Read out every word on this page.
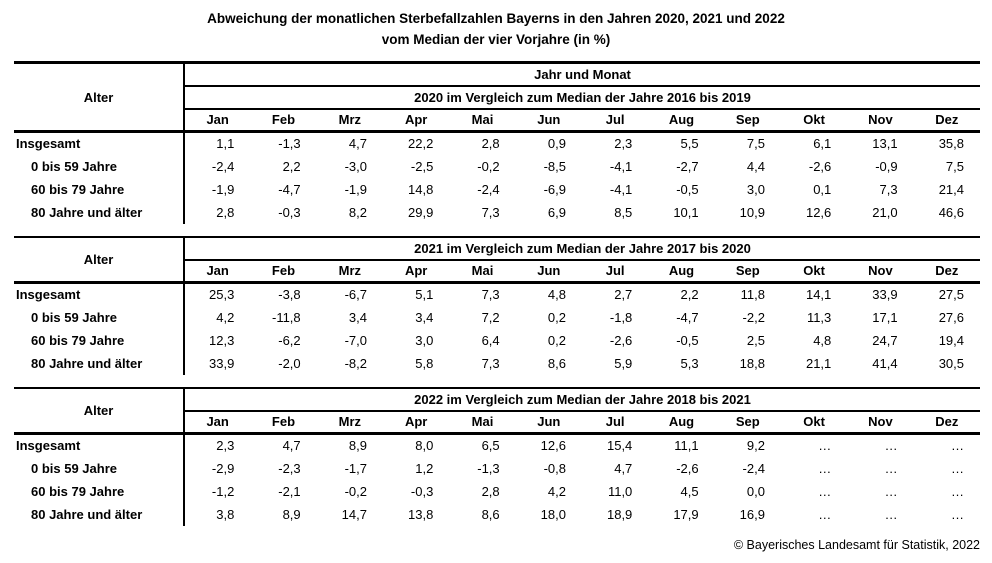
Abweichung der monatlichen Sterbefallzahlen Bayerns in den Jahren 2020, 2021 und 2022
vom Median der vier Vorjahre (in %)
Alter	Jahr und Monat											
	2020 im Vergleich zum Median der Jahre 2016 bis 2019											
	Jan	Feb	Mrz	Apr	Mai	Jun	Jul	Aug	Sep	Okt	Nov	Dez
Insgesamt	1,1	-1,3	4,7	22,2	2,8	0,9	2,3	5,5	7,5	6,1	13,1	35,8
0 bis 59 Jahre	-2,4	2,2	-3,0	-2,5	-0,2	-8,5	-4,1	-2,7	4,4	-2,6	-0,9	7,5
60 bis 79 Jahre	-1,9	-4,7	-1,9	14,8	-2,4	-6,9	-4,1	-0,5	3,0	0,1	7,3	21,4
80 Jahre und älter	2,8	-0,3	8,2	29,9	7,3	6,9	8,5	10,1	10,9	12,6	21,0	46,6
Alter	2021 im Vergleich zum Median der Jahre 2017 bis 2020											
	Jan	Feb	Mrz	Apr	Mai	Jun	Jul	Aug	Sep	Okt	Nov	Dez
Insgesamt	25,3	-3,8	-6,7	5,1	7,3	4,8	2,7	2,2	11,8	14,1	33,9	27,5
0 bis 59 Jahre	4,2	-11,8	3,4	3,4	7,2	0,2	-1,8	-4,7	-2,2	11,3	17,1	27,6
60 bis 79 Jahre	12,3	-6,2	-7,0	3,0	6,4	0,2	-2,6	-0,5	2,5	4,8	24,7	19,4
80 Jahre und älter	33,9	-2,0	-8,2	5,8	7,3	8,6	5,9	5,3	18,8	21,1	41,4	30,5
Alter	2022 im Vergleich zum Median der Jahre 2018 bis 2021											
	Jan	Feb	Mrz	Apr	Mai	Jun	Jul	Aug	Sep	Okt	Nov	Dez
Insgesamt	2,3	4,7	8,9	8,0	6,5	12,6	15,4	11,1	9,2	…	…	…
0 bis 59 Jahre	-2,9	-2,3	-1,7	1,2	-1,3	-0,8	4,7	-2,6	-2,4	…	…	…
60 bis 79 Jahre	-1,2	-2,1	-0,2	-0,3	2,8	4,2	11,0	4,5	0,0	…	…	…
80 Jahre und älter	3,8	8,9	14,7	13,8	8,6	18,0	18,9	17,9	16,9	…	…	…
© Bayerisches Landesamt für Statistik, 2022
